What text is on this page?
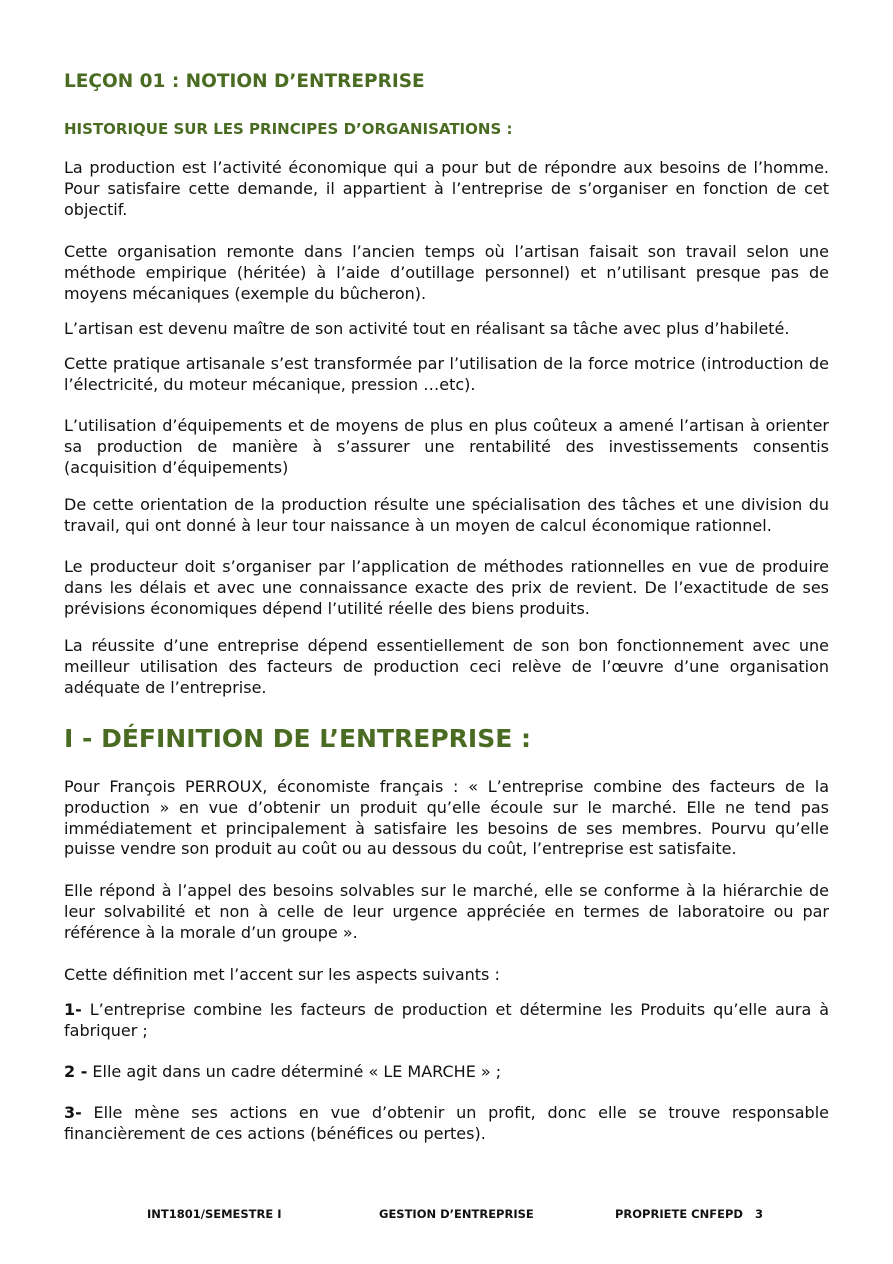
LEÇON 01 : NOTION D’ENTREPRISE
HISTORIQUE SUR LES PRINCIPES D’ORGANISATIONS :

La production est l’activité économique qui a pour but de répondre aux besoins de l’homme. Pour satisfaire cette demande, il appartient à l’entreprise de s’organiser en fonction de cet objectif.

Cette organisation remonte dans l’ancien temps où l’artisan faisait son travail selon une méthode empirique (héritée) à l’aide d’outillage personnel) et n’utilisant presque pas de moyens mécaniques (exemple du bûcheron).

L’artisan est devenu maître de son activité tout en réalisant sa tâche avec plus d’habileté.

Cette pratique artisanale s’est transformée par l’utilisation de la force motrice (introduction de l’électricité, du moteur mécanique, pression …etc).

L’utilisation d’équipements et de moyens de plus en plus coûteux a amené l’artisan à orienter sa production de manière à s’assurer une rentabilité des investissements consentis (acquisition d’équipements)

De cette orientation de la production résulte une spécialisation des tâches et une division du travail, qui ont donné à leur tour naissance à un moyen de calcul économique rationnel.

Le producteur doit s’organiser par l’application de méthodes rationnelles en vue de produire dans les délais et avec une connaissance exacte des prix de revient. De l’exactitude de ses prévisions économiques dépend l’utilité réelle des biens produits.

La réussite d’une entreprise dépend essentiellement de son bon fonctionnement avec une meilleur utilisation des facteurs de production ceci relève de l’œuvre d’une organisation adéquate de l’entreprise.

I - DÉFINITION DE L’ENTREPRISE :

Pour François PERROUX, économiste français : « L’entreprise combine des facteurs de la production » en vue d’obtenir un produit qu’elle écoule sur le marché. Elle ne tend pas immédiatement et principalement à satisfaire les besoins de ses membres. Pourvu qu’elle puisse vendre son produit au coût ou au dessous du coût, l’entreprise est satisfaite.

Elle répond à l’appel des besoins solvables sur le marché, elle se conforme à la hiérarchie de leur solvabilité et non à celle de leur urgence appréciée en termes de laboratoire ou par référence à la morale d’un groupe ».

Cette définition met l’accent sur les aspects suivants :

1- L’entreprise combine les facteurs de production et détermine les Produits qu’elle aura à fabriquer ;

2 - Elle agit dans un cadre déterminé « LE MARCHE » ;

3- Elle mène ses actions en vue d’obtenir un profit, donc elle se trouve responsable financièrement de ces actions (bénéfices ou pertes).

INT1801/SEMESTRE I	GESTION D’ENTREPRISE	PROPRIETE CNFEPD 3
